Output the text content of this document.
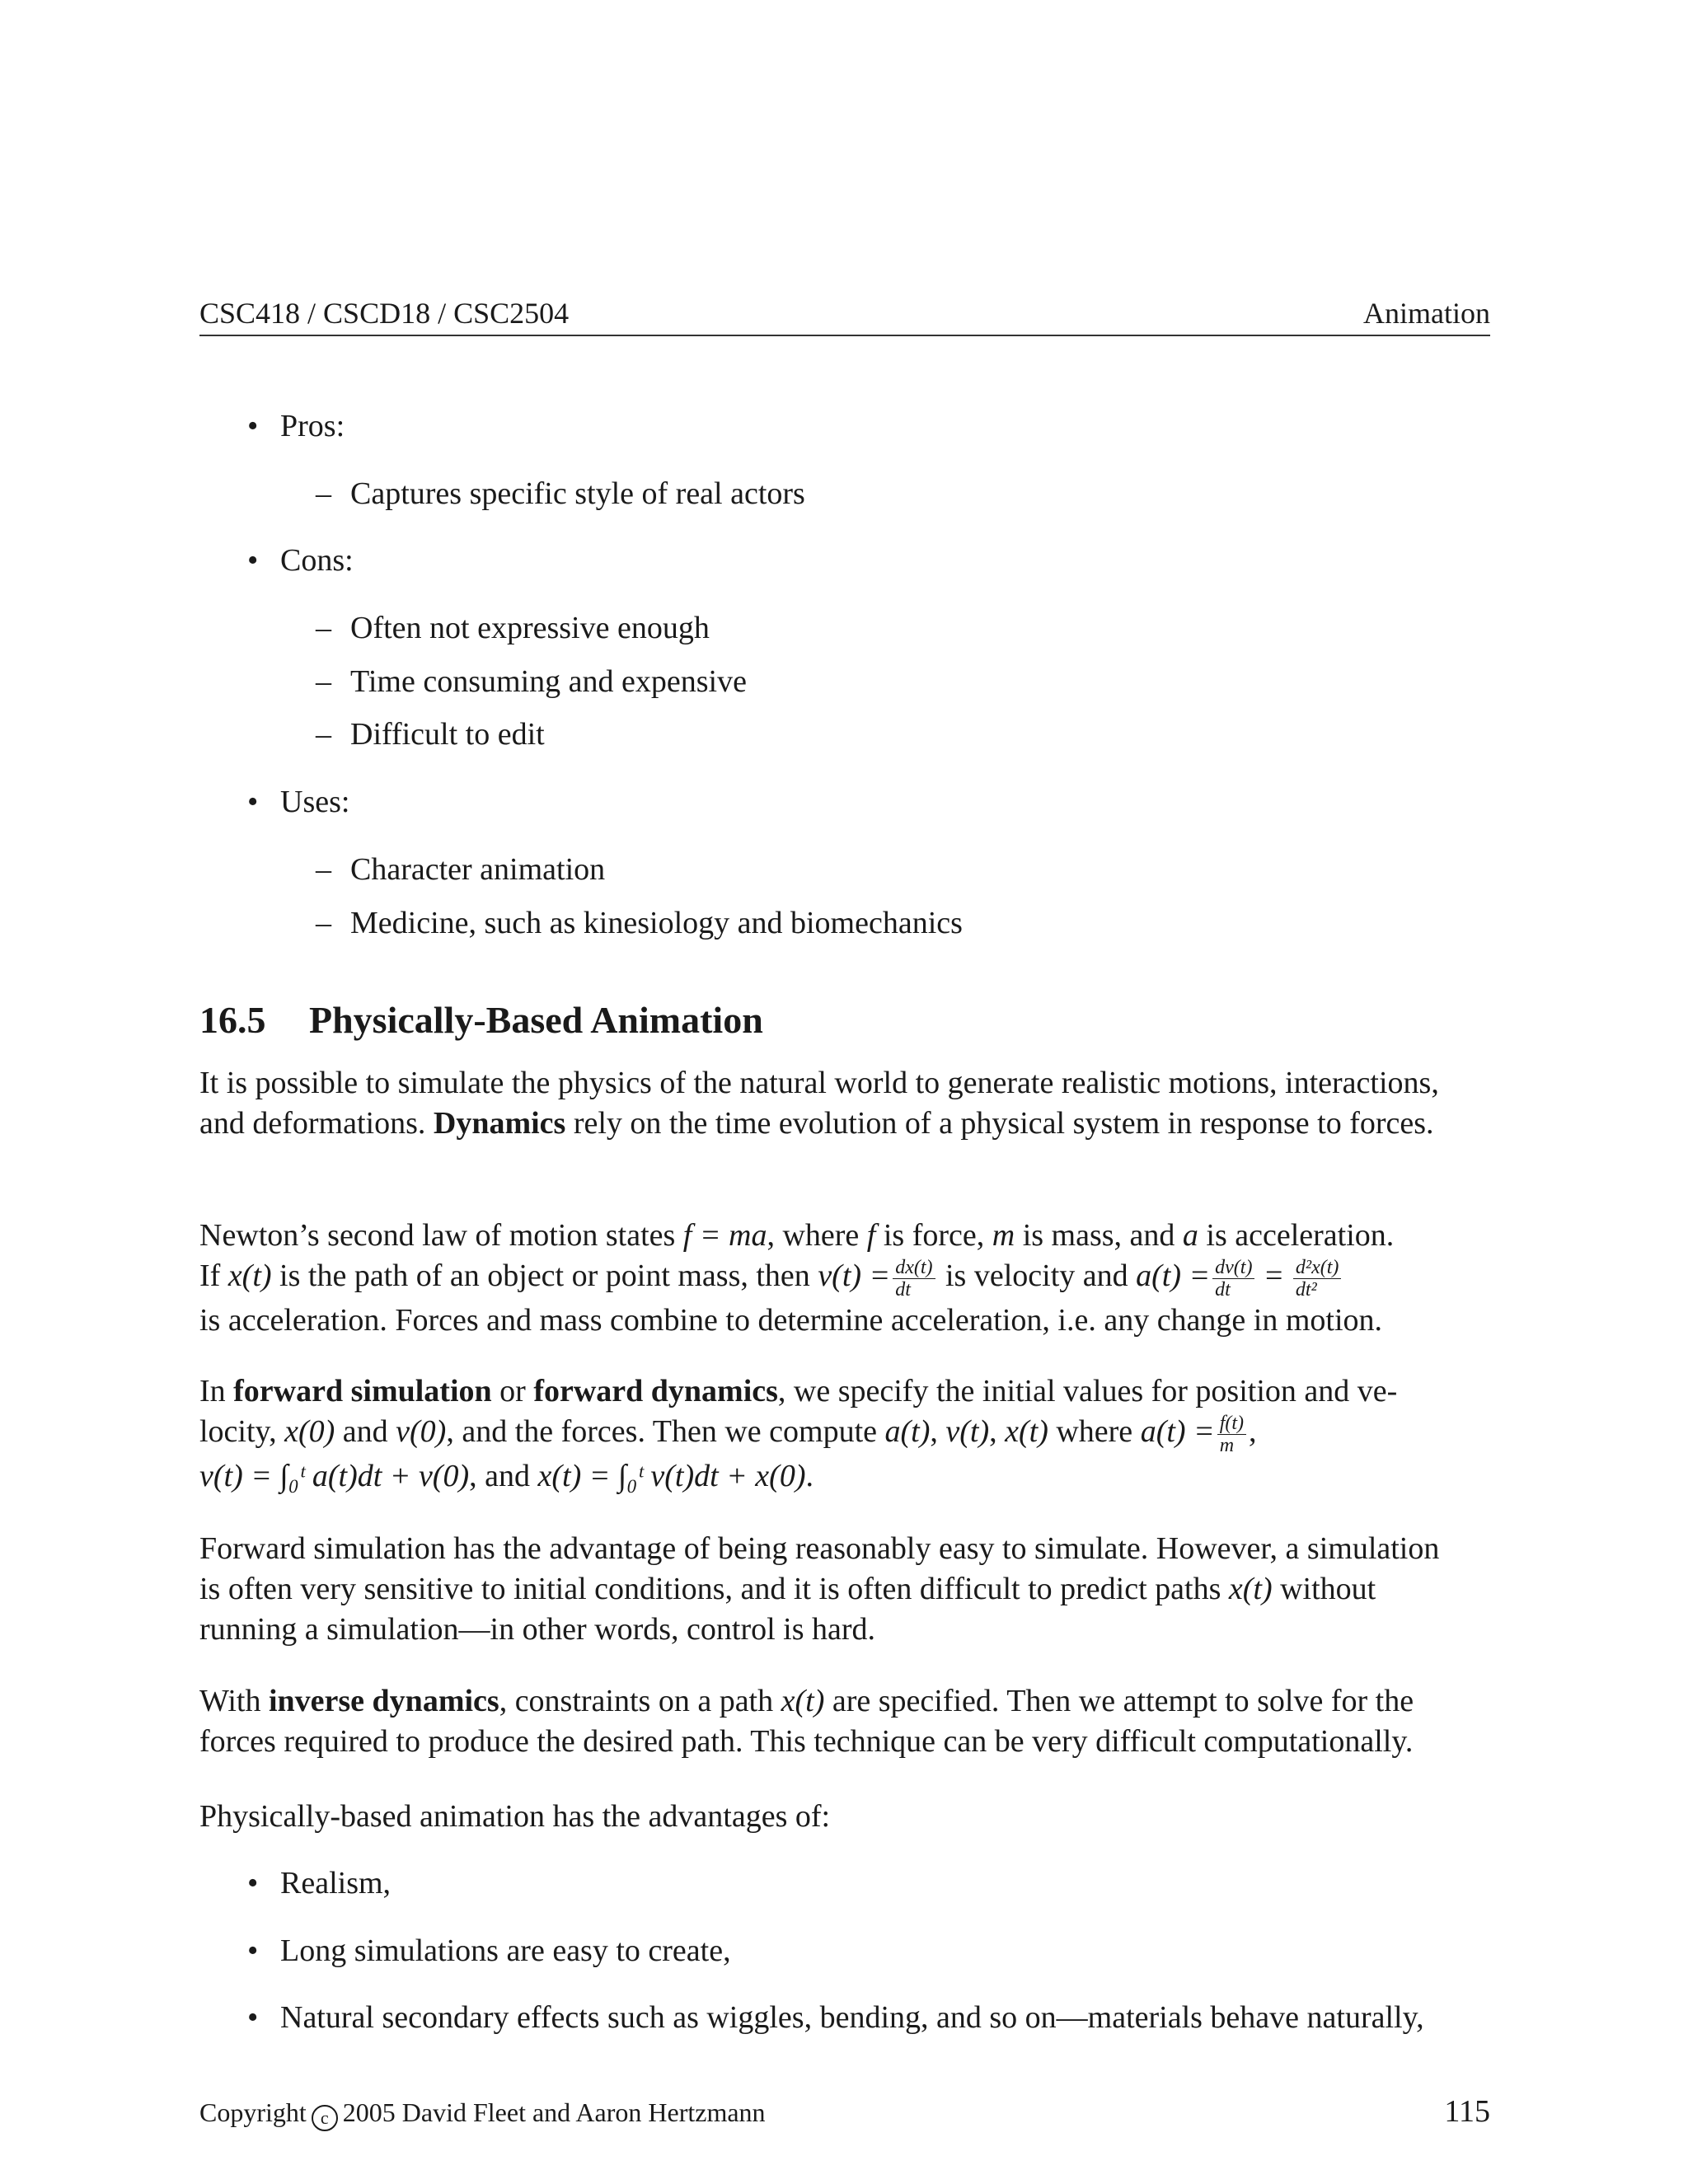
CSC418 / CSCD18 / CSC2504	Animation
• Pros:
– Captures specific style of real actors
• Cons:
– Often not expressive enough
– Time consuming and expensive
– Difficult to edit
• Uses:
– Character animation
– Medicine, such as kinesiology and biomechanics
16.5 Physically-Based Animation
It is possible to simulate the physics of the natural world to generate realistic motions, interactions,
and deformations. Dynamics rely on the time evolution of a physical system in response to forces.
Newton’s second law of motion states f = ma, where f is force, m is mass, and a is acceleration.
If x(t) is the path of an object or point mass, then $v(t) = \frac{dx(t)}{dt}$ is velocity and $a(t) = \frac{dv(t)}{dt} = \frac{\text{d²x(t)}}{\text{dt²}}$
is acceleration. Forces and mass combine to determine acceleration, i.e. any change in motion.
In forward simulation or forward dynamics, we specify the initial values for position and ve-
locity, x(0) and v(0), and the forces. Then we compute a(t), v(t), x(t) where $a(t) = \frac{f(t)}{m}$ ,
v(t) = ∫₀ᵗ a(t)dt + v(0), and x(t) = ∫₀ᵗ v(t)dt + x(0).
Forward simulation has the advantage of being reasonably easy to simulate. However, a simulation
is often very sensitive to initial conditions, and it is often difficult to predict paths x(t) without
running a simulation—in other words, control is hard.
With inverse dynamics, constraints on a path x(t) are specified. Then we attempt to solve for the
forces required to produce the desired path. This technique can be very difficult computationally.
Physically-based animation has the advantages of:
• Realism,
• Long simulations are easy to create,
• Natural secondary effects such as wiggles, bending, and so on—materials behave naturally,
Copyright c 2005 David Fleet and Aaron Hertzmann	115
